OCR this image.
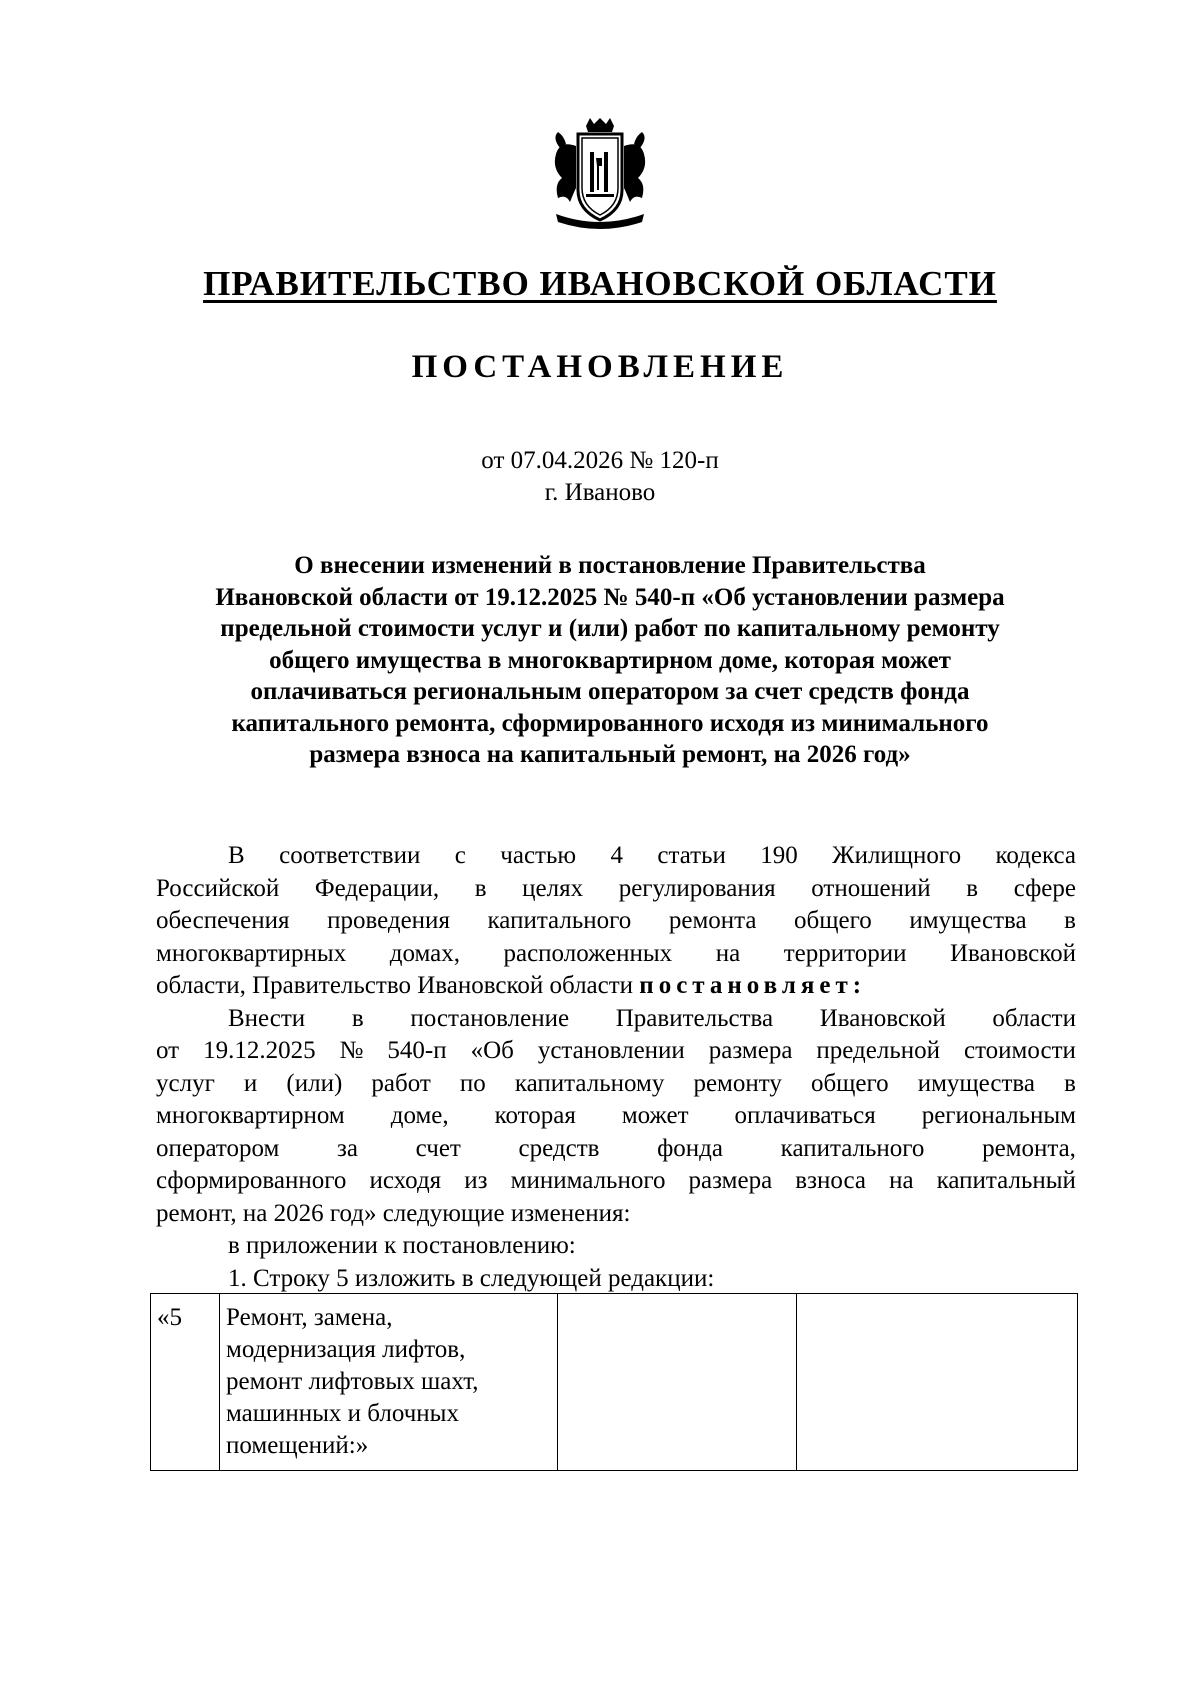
ПРАВИТЕЛЬСТВО ИВАНОВСКОЙ ОБЛАСТИ
ПОСТАНОВЛЕНИЕ
от 07.04.2026 № 120-п
г. Иваново
О внесении изменений в постановление Правительства
Ивановской области от 19.12.2025 № 540-п «Об установлении размера
предельной стоимости услуг и (или) работ по капитальному ремонту
общего имущества в многоквартирном доме, которая может
оплачиваться региональным оператором за счет средств фонда
капитального ремонта, сформированного исходя из минимального
размера взноса на капитальный ремонт, на 2026 год»
В соответствии с частью 4 статьи 190 Жилищного кодекса
Российской Федерации, в целях регулирования отношений в сфере
обеспечения проведения капитального ремонта общего имущества в
многоквартирных домах, расположенных на территории Ивановской
области, Правительство Ивановской области постановляет:
Внести в постановление Правительства Ивановской области
от 19.12.2025 № 540-п «Об установлении размера предельной стоимости
услуг и (или) работ по капитальному ремонту общего имущества в
многоквартирном доме, которая может оплачиваться региональным
оператором за счет средств фонда капитального ремонта,
сформированного исходя из минимального размера взноса на капитальный
ремонт, на 2026 год» следующие изменения:
в приложении к постановлению:
1. Строку 5 изложить в следующей редакции:
«5	Ремонт, замена,
модернизация лифтов,
ремонт лифтовых шахт,
машинных и блочных
помещений:»
